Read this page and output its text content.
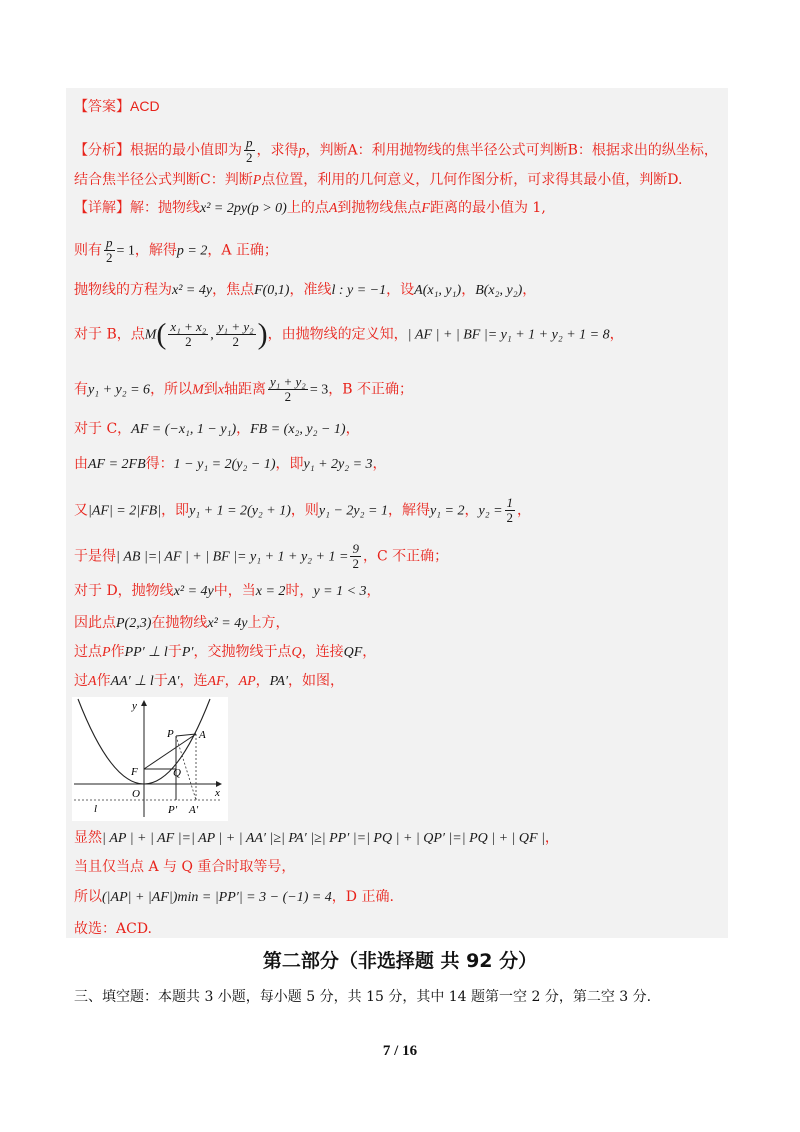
【答案】ACD
【分析】根据的最小值即为 $\frac{p}{2}$ ，求得p，判断A：利用抛物线的焦半径公式可判断B：根据求出的纵坐标，
结合焦半径公式判断C：判断P点位置，利用的几何意义，几何作图分析，可求得其最小值，判断D.
【详解】解：抛物线x² = 2py(p > 0)上的点A到抛物线焦点F距离的最小值为 1,
则有 $\frac{p}{2} = 1$，解得p = 2，A 正确；
抛物线的方程为x² = 4y，焦点F(0,1)，准线l : y = −1，设A(x₁, y₁)，B(x₂, y₂)，
对于 B，点$M( \frac{\text{x₁ + x₂}}{2}$ , $\frac{\text{y₁ + y₂}}{2}$ )，由抛物线的定义知，| AF | + | BF |= y₁ + 1 + y₂ + 1 = 8，
有y₁ + y₂ = 6，所以M到x轴距离 $\frac{\text{y₁ + y₂}}{2} = 3$，B 不正确；
对于 C，AF = (−x₁, 1 − y₁)，FB = (x₂, y₂ − 1)，
由AF = 2FB得：1 − y₁ = 2(y₂ − 1)，即y₁ + 2y₂ = 3，
又|AF| = 2|FB|，即y₁ + 1 = 2(y₂ + 1)，则y₁ − 2y₂ = 1，解得y₁ = 2，$y_2 = \frac{1}{2}$ ，
于是得| AB |=| AF | + | BF |= $y_1 + 1 + y_2 + 1 = \frac{9}{2}$ ，C 不正确；
对于 D，抛物线x² = 4y中，当x = 2时，y = 1 < 3，
因此点P(2,3)在抛物线x² = 4y上方，
过点P作PP′ ⊥ l于P′，交抛物线于点Q，连接QF，
过A作AA′ ⊥ l于A′，连AF，AP，PA′，如图，
y
x
O
F
P A
Q
l	P′ A′
显然| AP | + | AF |=| AP | + | AA′ |≥| PA′ |≥| PP′ |=| PQ | + | QP′ |=| PQ | + | QF |，
当且仅当点 A 与 Q 重合时取等号，
所以(|AP| + |AF|)min = |PP′| = 3 − (−1) = 4，D 正确.
故选：ACD.
第二部分（非选择题 共 92 分）
三、填空题：本题共 3 小题，每小题 5 分，共 15 分，其中 14 题第一空 2 分，第二空 3 分.
7 / 16
